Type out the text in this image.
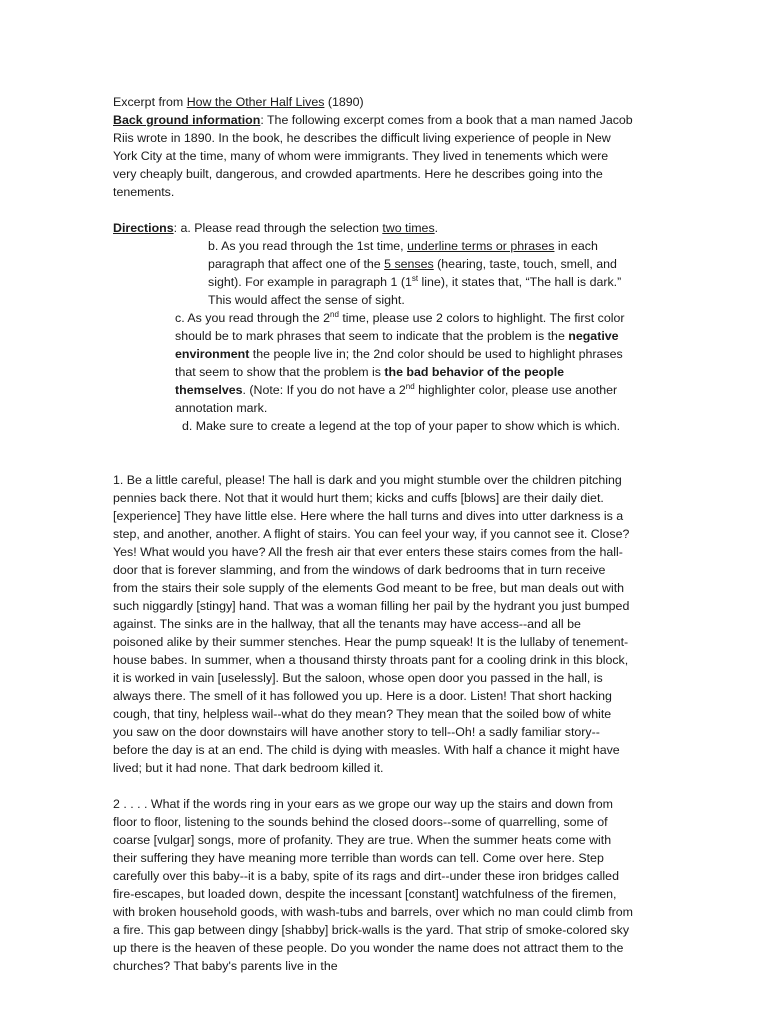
Excerpt from How the Other Half Lives (1890)

Back ground information: The following excerpt comes from a book that a man named Jacob Riis wrote in 1890. In the book, he describes the difficult living experience of people in New York City at the time, many of whom were immigrants. They lived in tenements which were very cheaply built, dangerous, and crowded apartments. Here he describes going into the tenements.

Directions: a. Please read through the selection two times.

b. As you read through the 1st time, underline terms or phrases in each paragraph that affect one of the 5 senses (hearing, taste, touch, smell, and sight). For example in paragraph 1 (1st line), it states that, “The hall is dark.” This would affect the sense of sight.

c. As you read through the 2nd time, please use 2 colors to highlight. The first color should be to mark phrases that seem to indicate that the problem is the negative environment the people live in; the 2nd color should be used to highlight phrases that seem to show that the problem is the bad behavior of the people themselves. (Note: If you do not have a 2nd highlighter color, please use another annotation mark.

d. Make sure to create a legend at the top of your paper to show which is which.

1. Be a little careful, please! The hall is dark and you might stumble over the children pitching pennies back there. Not that it would hurt them; kicks and cuffs [blows] are their daily diet. [experience] They have little else. Here where the hall turns and dives into utter darkness is a step, and another, another. A flight of stairs. You can feel your way, if you cannot see it. Close? Yes! What would you have? All the fresh air that ever enters these stairs comes from the hall-door that is forever slamming, and from the windows of dark bedrooms that in turn receive from the stairs their sole supply of the elements God meant to be free, but man deals out with such niggardly [stingy] hand. That was a woman filling her pail by the hydrant you just bumped against. The sinks are in the hallway, that all the tenants may have access--and all be poisoned alike by their summer stenches. Hear the pump squeak! It is the lullaby of tenement-house babes. In summer, when a thousand thirsty throats pant for a cooling drink in this block, it is worked in vain [uselessly]. But the saloon, whose open door you passed in the hall, is always there. The smell of it has followed you up. Here is a door. Listen! That short hacking cough, that tiny, helpless wail--what do they mean? They mean that the soiled bow of white you saw on the door downstairs will have another story to tell--Oh! a sadly familiar story--before the day is at an end. The child is dying with measles. With half a chance it might have lived; but it had none. That dark bedroom killed it.

2 . . . . What if the words ring in your ears as we grope our way up the stairs and down from floor to floor, listening to the sounds behind the closed doors--some of quarrelling, some of coarse [vulgar] songs, more of profanity. They are true. When the summer heats come with their suffering they have meaning more terrible than words can tell. Come over here. Step carefully over this baby--it is a baby, spite of its rags and dirt--under these iron bridges called fire-escapes, but loaded down, despite the incessant [constant] watchfulness of the firemen, with broken household goods, with wash-tubs and barrels, over which no man could climb from a fire. This gap between dingy [shabby] brick-walls is the yard. That strip of smoke-colored sky up there is the heaven of these people. Do you wonder the name does not attract them to the churches? That baby's parents live in the
